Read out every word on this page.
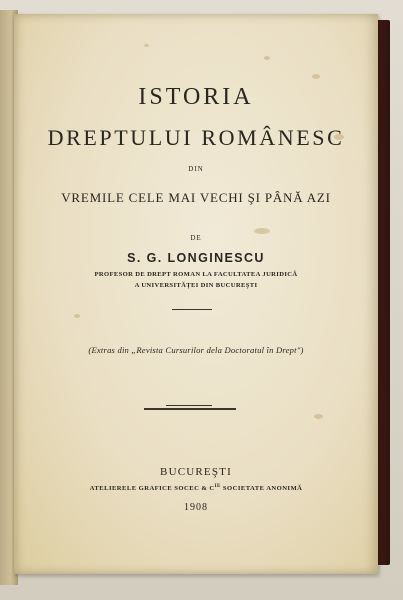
ISTORIA
DREPTULUI ROMÂNESC
DIN
VREMILE CELE MAI VECHI ŞI PÂNĂ AZI
DE
S. G. LONGINESCU
PROFESOR DE DREPT ROMAN LA FACULTATEA JURIDICĂ
A UNIVERSITĂŢEI DIN BUCUREŞTI
(Extras din „Revista Cursurilor dela Doctoratul în Drept")
BUCUREŞTI
ATELIERELE GRAFICE SOCEC & $C^{IE}$ SOCIETATE ANONIMĂ
1908
